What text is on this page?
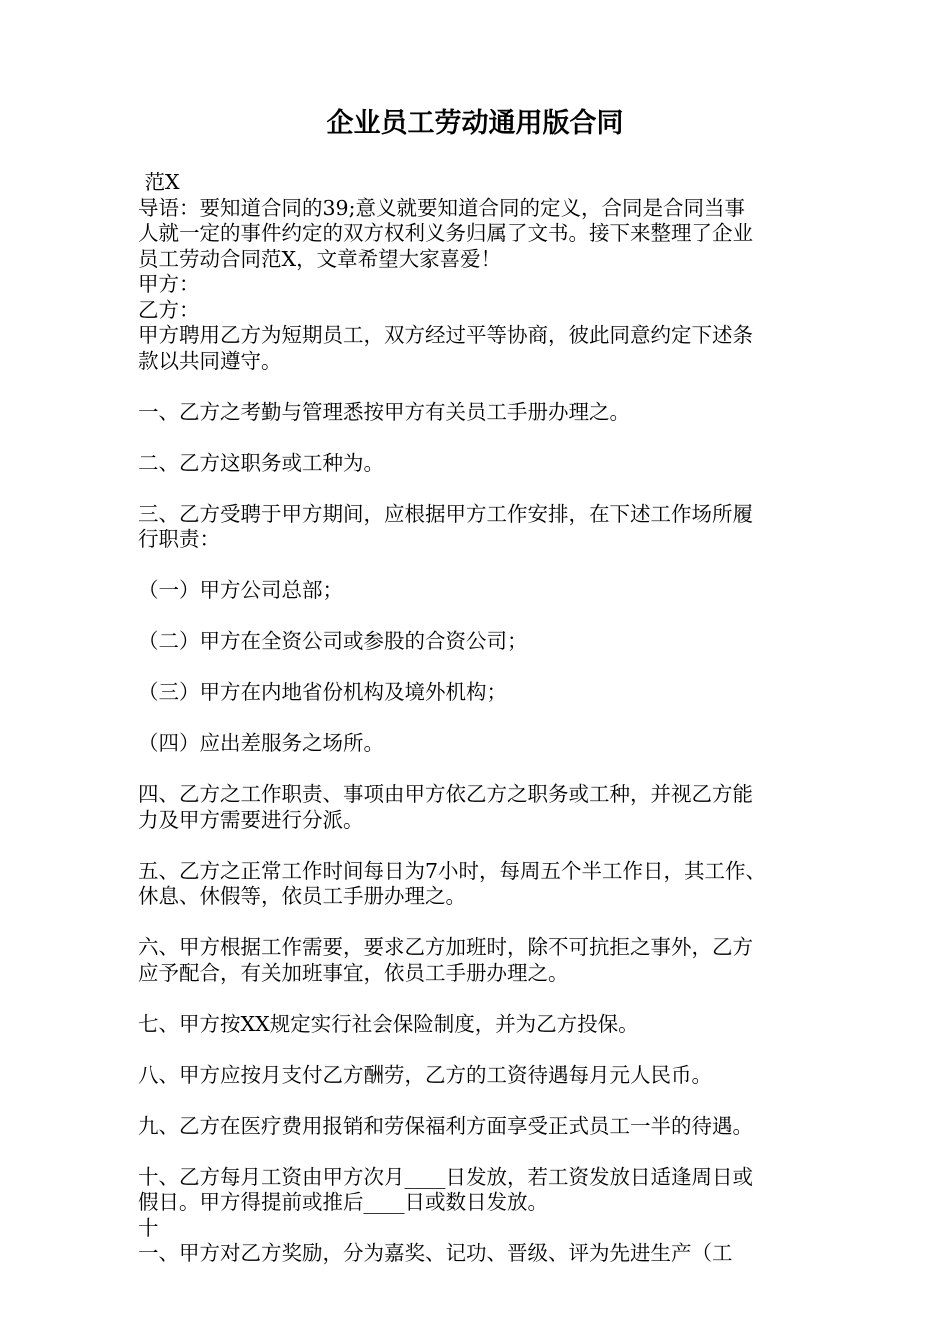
企业员工劳动通用版合同
范X
导语：要知道合同的39;意义就要知道合同的定义，合同是合同当事
人就一定的事件约定的双方权利义务归属了文书。接下来整理了企业
员工劳动合同范X，文章希望大家喜爱！
甲方：
乙方：
甲方聘用乙方为短期员工，双方经过平等协商，彼此同意约定下述条
款以共同遵守。
一、乙方之考勤与管理悉按甲方有关员工手册办理之。
二、乙方这职务或工种为。
三、乙方受聘于甲方期间，应根据甲方工作安排，在下述工作场所履
行职责：
（一）甲方公司总部；
（二）甲方在全资公司或参股的合资公司；
（三）甲方在内地省份机构及境外机构；
（四）应出差服务之场所。
四、乙方之工作职责、事项由甲方依乙方之职务或工种，并视乙方能
力及甲方需要进行分派。
五、乙方之正常工作时间每日为7小时，每周五个半工作日，其工作、
休息、休假等，依员工手册办理之。
六、甲方根据工作需要，要求乙方加班时，除不可抗拒之事外，乙方
应予配合，有关加班事宜，依员工手册办理之。
七、甲方按XX规定实行社会保险制度，并为乙方投保。
八、甲方应按月支付乙方酬劳，乙方的工资待遇每月元人民币。
九、乙方在医疗费用报销和劳保福利方面享受正式员工一半的待遇。
十、乙方每月工资由甲方次月____日发放，若工资发放日适逢周日或
假日。甲方得提前或推后____日或数日发放。
十
一、甲方对乙方奖励，分为嘉奖、记功、晋级、评为先进生产（工
